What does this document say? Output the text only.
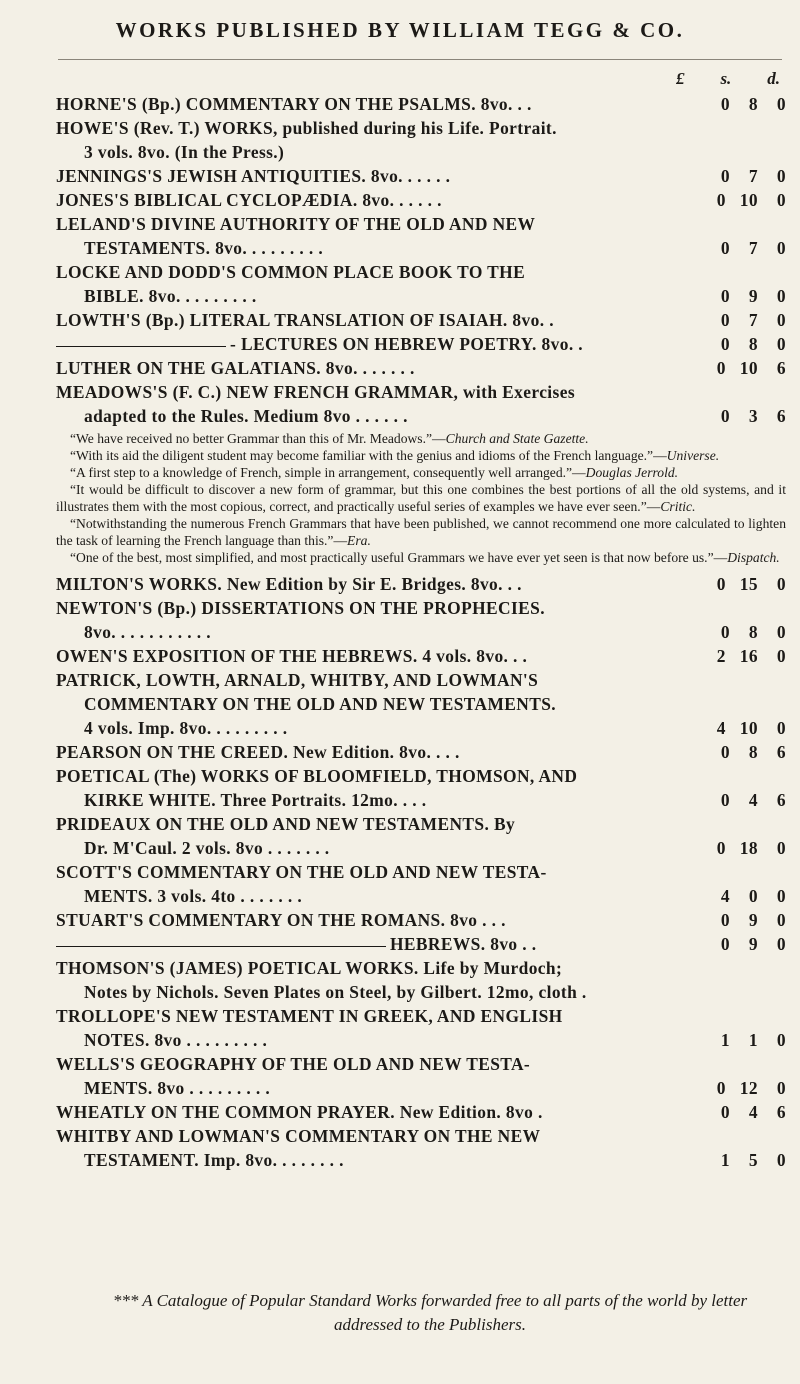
WORKS PUBLISHED BY WILLIAM TEGG & CO.
£ s. d.
HORNE'S (Bp.) COMMENTARY ON THE PSALMS. 8vo. . .	0 8 0
HOWE'S (Rev. T.) WORKS, published during his Life. Portrait.
3 vols. 8vo. (In the Press.)
JENNINGS'S JEWISH ANTIQUITIES. 8vo. . . . . .	0 7 0
JONES'S BIBLICAL CYCLOPÆDIA. 8vo. . . . . .	0 10 0
LELAND'S DIVINE AUTHORITY OF THE OLD AND NEW
TESTAMENTS. 8vo. . . . . . . . .	0 7 0
LOCKE AND DODD'S COMMON PLACE BOOK TO THE
BIBLE. 8vo. . . . . . . . .	0 9 0
LOWTH'S (Bp.) LITERAL TRANSLATION OF ISAIAH. 8vo. .	0 7 0
- LECTURES ON HEBREW POETRY. 8vo. .	0 8 0
LUTHER ON THE GALATIANS. 8vo. . . . . . .	0 10 6
MEADOWS'S (F. C.) NEW FRENCH GRAMMAR, with Exercises
adapted to the Rules. Medium 8vo . . . . . .	0 3 6

“We have received no better Grammar than this of Mr. Meadows.”—Church and State Gazette.

“With its aid the diligent student may become familiar with the genius and idioms of the French language.”—Universe.

“A first step to a knowledge of French, simple in arrangement, consequently well arranged.”—Douglas Jerrold.

“It would be difficult to discover a new form of grammar, but this one combines the best portions of all the old systems, and it illustrates them with the most copious, correct, and practically useful series of examples we have ever seen.”—Critic.

“Notwithstanding the numerous French Grammars that have been published, we cannot recommend one more calculated to lighten the task of learning the French language than this.”—Era.

“One of the best, most simplified, and most practically useful Grammars we have ever yet seen is that now before us.”—Dispatch.

MILTON'S WORKS. New Edition by Sir E. Bridges. 8vo. . .	0 15 0
NEWTON'S (Bp.) DISSERTATIONS ON THE PROPHECIES.
8vo. . . . . . . . . . .	0 8 0
OWEN'S EXPOSITION OF THE HEBREWS. 4 vols. 8vo. . .	2 16 0
PATRICK, LOWTH, ARNALD, WHITBY, AND LOWMAN'S
COMMENTARY ON THE OLD AND NEW TESTAMENTS.
4 vols. Imp. 8vo. . . . . . . . .	4 10 0
PEARSON ON THE CREED. New Edition. 8vo. . . .	0 8 6
POETICAL (The) WORKS OF BLOOMFIELD, THOMSON, AND
KIRKE WHITE. Three Portraits. 12mo. . . .	0 4 6
PRIDEAUX ON THE OLD AND NEW TESTAMENTS. By
Dr. M'Caul. 2 vols. 8vo . . . . . . .	0 18 0
SCOTT'S COMMENTARY ON THE OLD AND NEW TESTA-
MENTS. 3 vols. 4to . . . . . . .	4 0 0
STUART'S COMMENTARY ON THE ROMANS. 8vo . . .	0 9 0
HEBREWS. 8vo . .	0 9 0
THOMSON'S (JAMES) POETICAL WORKS. Life by Murdoch;
Notes by Nichols. Seven Plates on Steel, by Gilbert. 12mo, cloth .
TROLLOPE'S NEW TESTAMENT IN GREEK, AND ENGLISH
NOTES. 8vo . . . . . . . . .	1 1 0
WELLS'S GEOGRAPHY OF THE OLD AND NEW TESTA-
MENTS. 8vo . . . . . . . . .	0 12 0
WHEATLY ON THE COMMON PRAYER. New Edition. 8vo .	0 4 6
WHITBY AND LOWMAN'S COMMENTARY ON THE NEW
TESTAMENT. Imp. 8vo. . . . . . . .	1 5 0
*** A Catalogue of Popular Standard Works forwarded free to all parts of the world by letter addressed to the Publishers.
